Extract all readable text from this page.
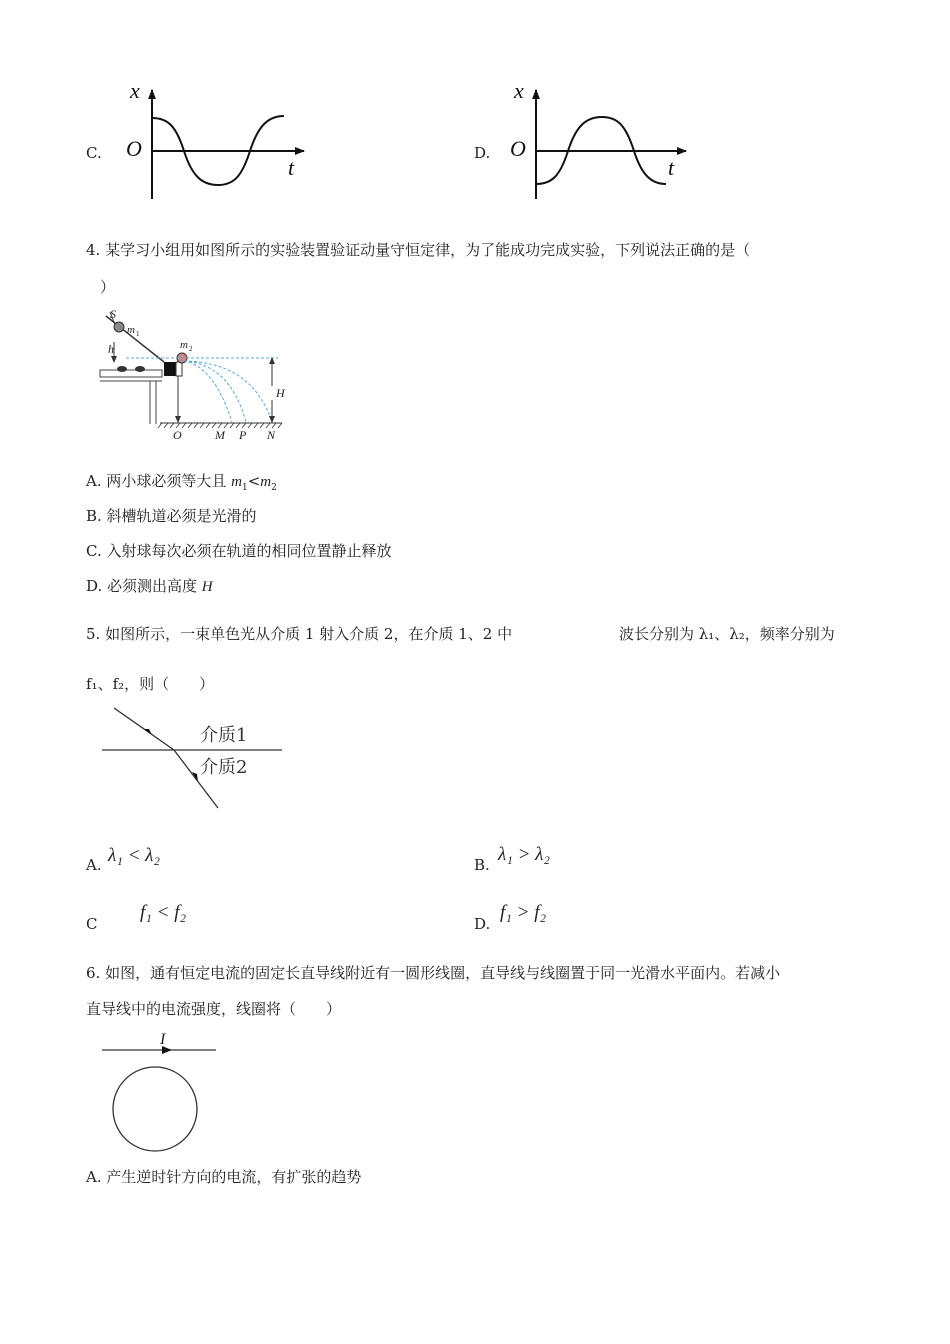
C.
x
O
t
D.
x
O
t
4. 某学习小组用如图所示的实验装置验证动量守恒定律，为了能成功完成实验，下列说法正确的是（
）
S
m 1
m 2
h
H
O	M P N
A. 两小球必须等大且 $m_1<m_2$
B. 斜槽轨道必须是光滑的
C. 入射球每次必须在轨道的相同位置静止释放
D. 必须测出高度 H
5. 如图所示，一束单色光从介质 1 射入介质 2，在介质 1、2 中	波长分别为 λ₁、λ₂，频率分别为
f₁、f₂，则（　　）
介质1
介质2
A. λ₁ < λ₂	B. λ₁ > λ₂
C
f₁ < f₂
D.
f₁ > f₂
6. 如图，通有恒定电流的固定长直导线附近有一圆形线圈，直导线与线圈置于同一光滑水平面内。若减小
直导线中的电流强度，线圈将（　　）
I
A. 产生逆时针方向的电流，有扩张的趋势
